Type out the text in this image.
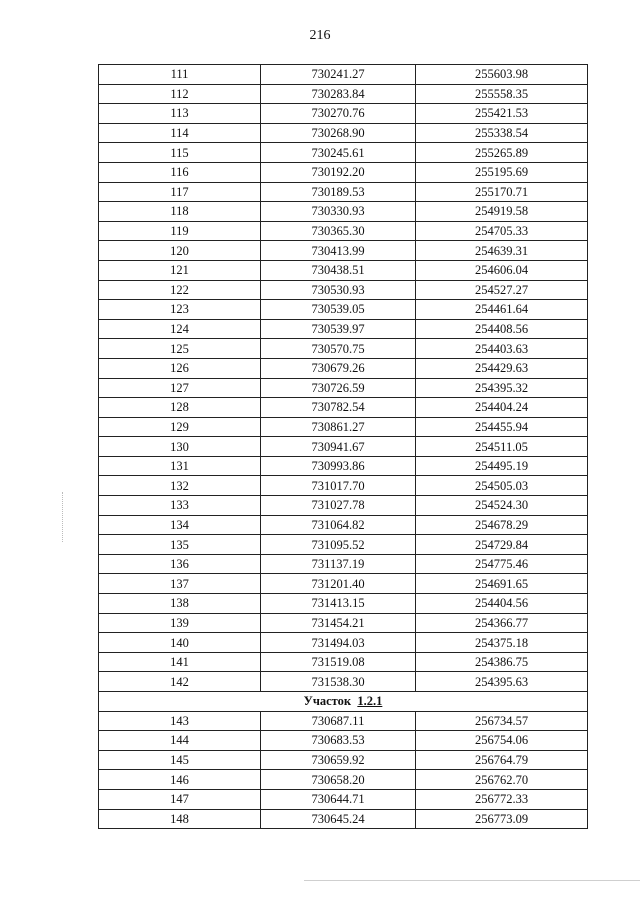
216
111	730241.27	255603.98
112	730283.84	255558.35
113	730270.76	255421.53
114	730268.90	255338.54
115	730245.61	255265.89
116	730192.20	255195.69
117	730189.53	255170.71
118	730330.93	254919.58
119	730365.30	254705.33
120	730413.99	254639.31
121	730438.51	254606.04
122	730530.93	254527.27
123	730539.05	254461.64
124	730539.97	254408.56
125	730570.75	254403.63
126	730679.26	254429.63
127	730726.59	254395.32
128	730782.54	254404.24
129	730861.27	254455.94
130	730941.67	254511.05
131	730993.86	254495.19
132	731017.70	254505.03
133	731027.78	254524.30
134	731064.82	254678.29
135	731095.52	254729.84
136	731137.19	254775.46
137	731201.40	254691.65
138	731413.15	254404.56
139	731454.21	254366.77
140	731494.03	254375.18
141	731519.08	254386.75
142	731538.30	254395.63
Участок 1.2.1		
143	730687.11	256734.57
144	730683.53	256754.06
145	730659.92	256764.79
146	730658.20	256762.70
147	730644.71	256772.33
148	730645.24	256773.09
